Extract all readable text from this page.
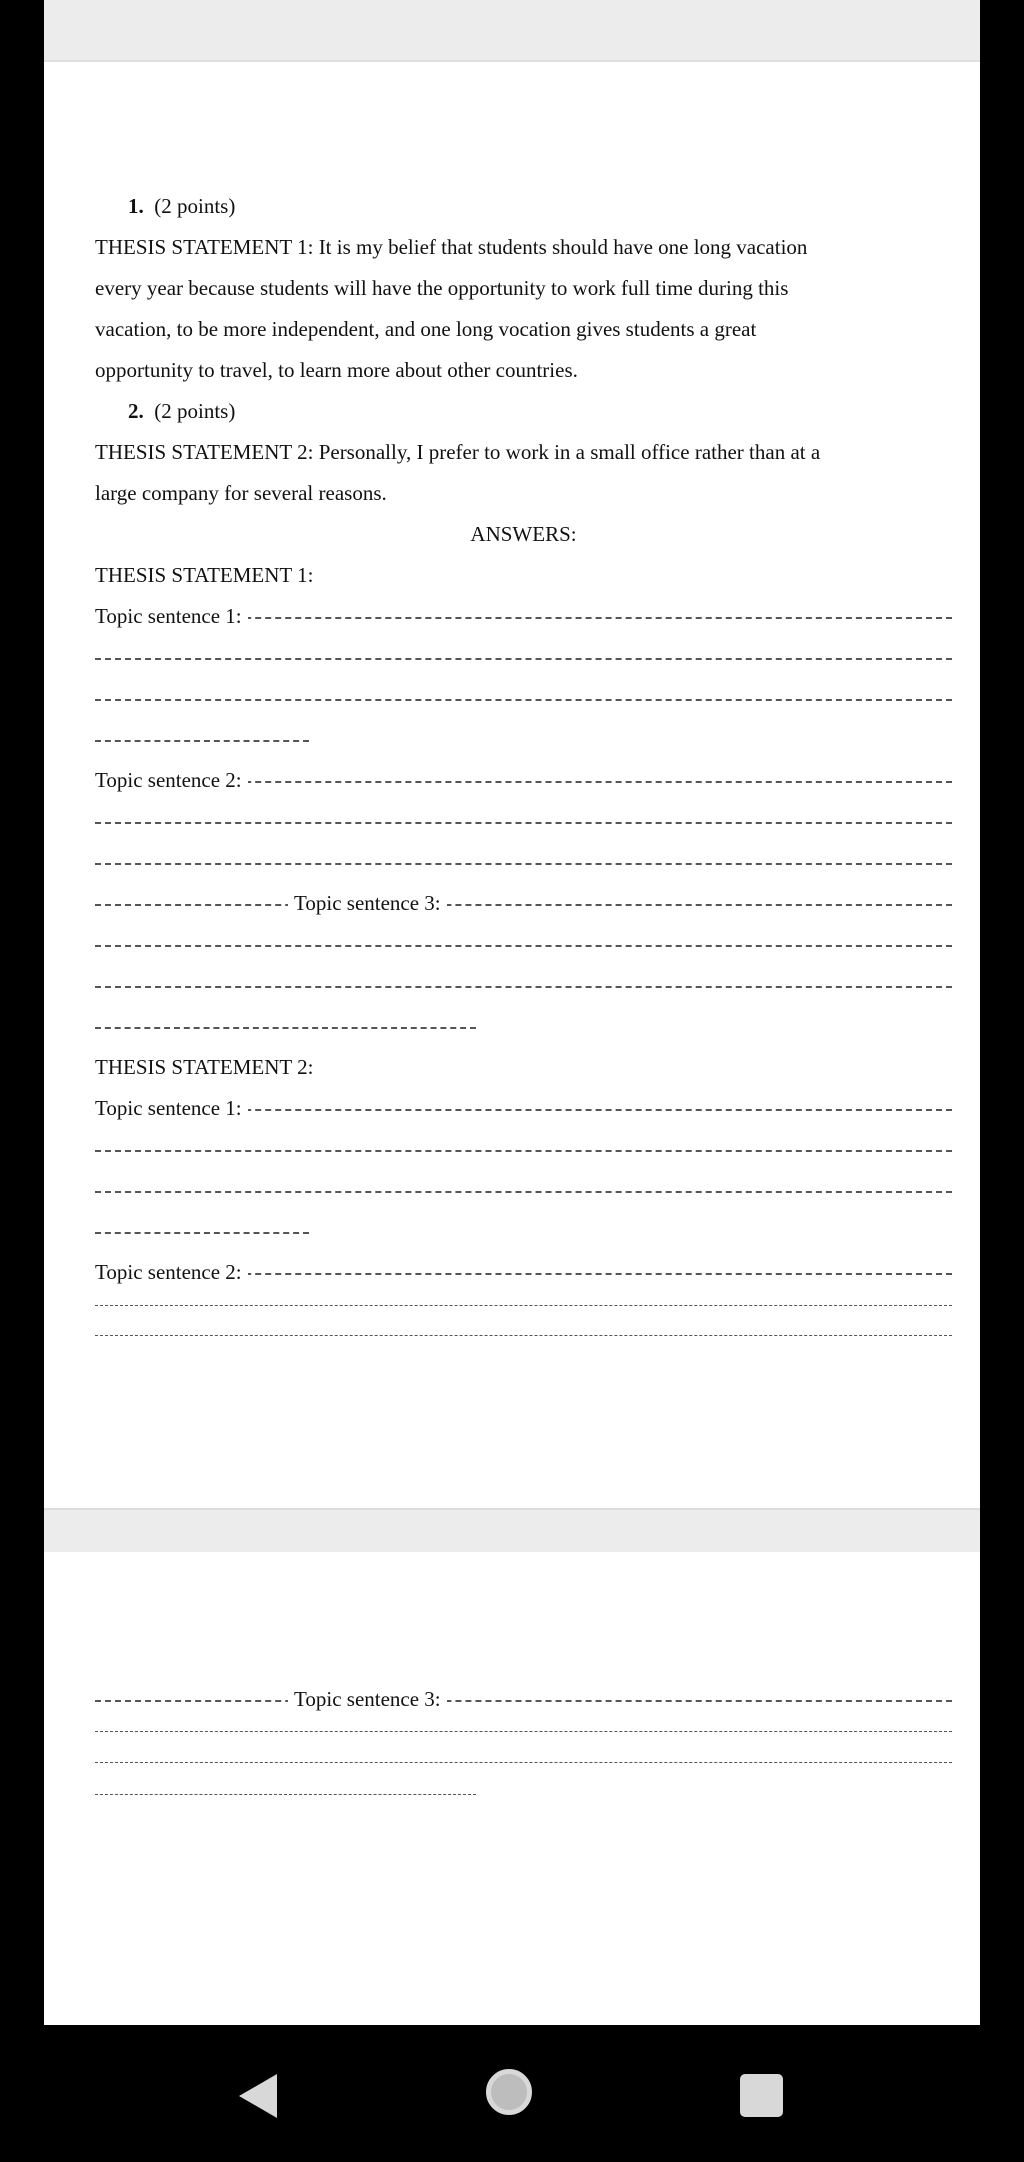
1. (2 points)
THESIS STATEMENT 1: It is my belief that students should have one long vacation
every year because students will have the opportunity to work full time during this
vacation, to be more independent, and one long vocation gives students a great
opportunity to travel, to learn more about other countries.
2. (2 points)
THESIS STATEMENT 2: Personally, I prefer to work in a small office rather than at a
large company for several reasons.
ANSWERS:
THESIS STATEMENT 1:
Topic sentence 1:
Topic sentence 2:
Topic sentence 3:
THESIS STATEMENT 2:
Topic sentence 1:
Topic sentence 2:
Topic sentence 3:
